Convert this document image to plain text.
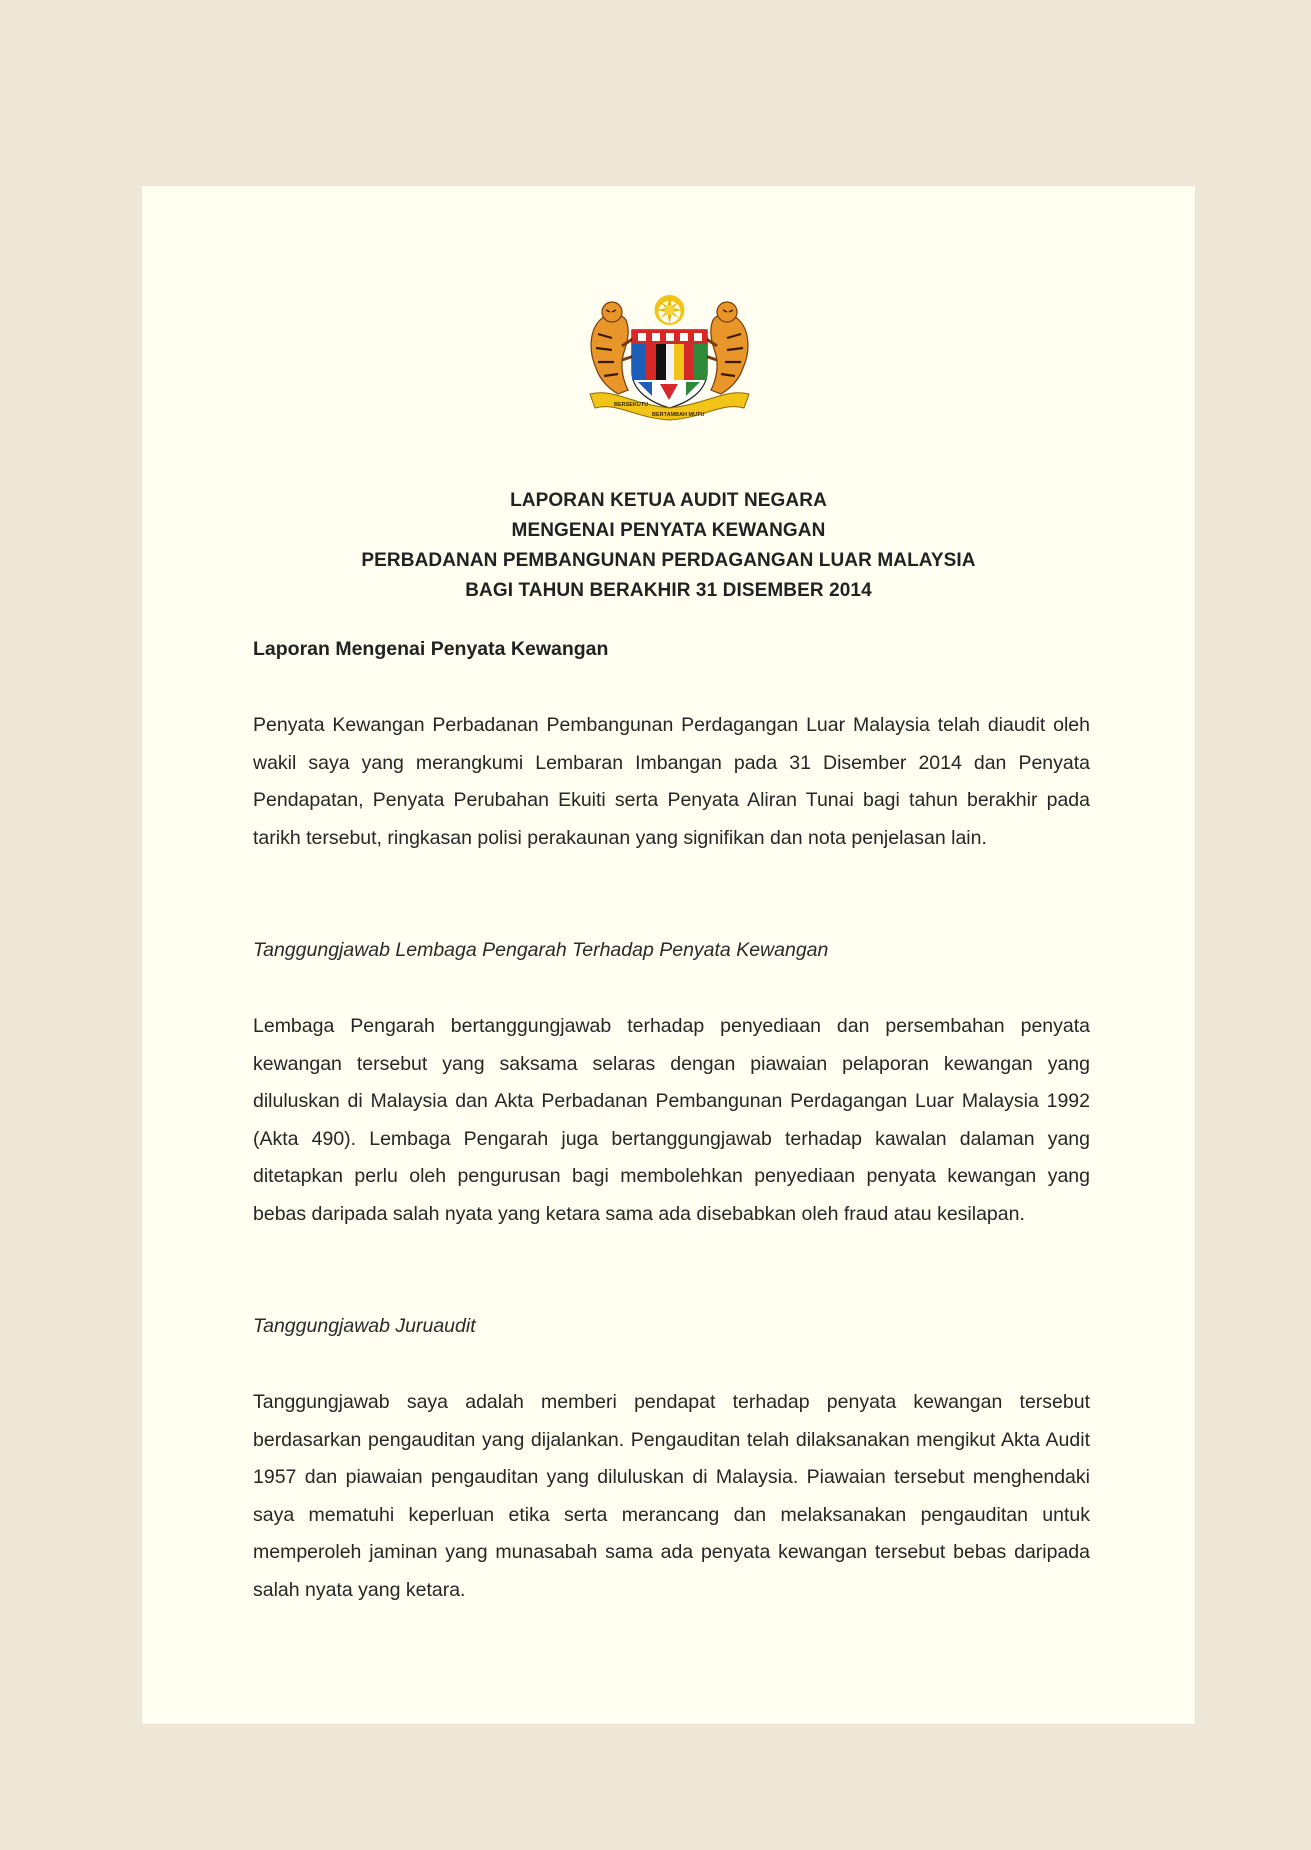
BERSEKUTU
BERTAMBAH MUTU
LAPORAN KETUA AUDIT NEGARA
MENGENAI PENYATA KEWANGAN
PERBADANAN PEMBANGUNAN PERDAGANGAN LUAR MALAYSIA
BAGI TAHUN BERAKHIR 31 DISEMBER 2014
Laporan Mengenai Penyata Kewangan
Penyata Kewangan Perbadanan Pembangunan Perdagangan Luar Malaysia telah diaudit oleh wakil saya yang merangkumi Lembaran Imbangan pada 31 Disember 2014 dan Penyata Pendapatan, Penyata Perubahan Ekuiti serta Penyata Aliran Tunai bagi tahun berakhir pada tarikh tersebut, ringkasan polisi perakaunan yang signifikan dan nota penjelasan lain.
Tanggungjawab Lembaga Pengarah Terhadap Penyata Kewangan
Lembaga Pengarah bertanggungjawab terhadap penyediaan dan persembahan penyata kewangan tersebut yang saksama selaras dengan piawaian pelaporan kewangan yang diluluskan di Malaysia dan Akta Perbadanan Pembangunan Perdagangan Luar Malaysia 1992 (Akta 490). Lembaga Pengarah juga bertanggungjawab terhadap kawalan dalaman yang ditetapkan perlu oleh pengurusan bagi membolehkan penyediaan penyata kewangan yang bebas daripada salah nyata yang ketara sama ada disebabkan oleh fraud atau kesilapan.
Tanggungjawab Juruaudit
Tanggungjawab saya adalah memberi pendapat terhadap penyata kewangan tersebut berdasarkan pengauditan yang dijalankan. Pengauditan telah dilaksanakan mengikut Akta Audit 1957 dan piawaian pengauditan yang diluluskan di Malaysia. Piawaian tersebut menghendaki saya mematuhi keperluan etika serta merancang dan melaksanakan pengauditan untuk memperoleh jaminan yang munasabah sama ada penyata kewangan tersebut bebas daripada salah nyata yang ketara.
